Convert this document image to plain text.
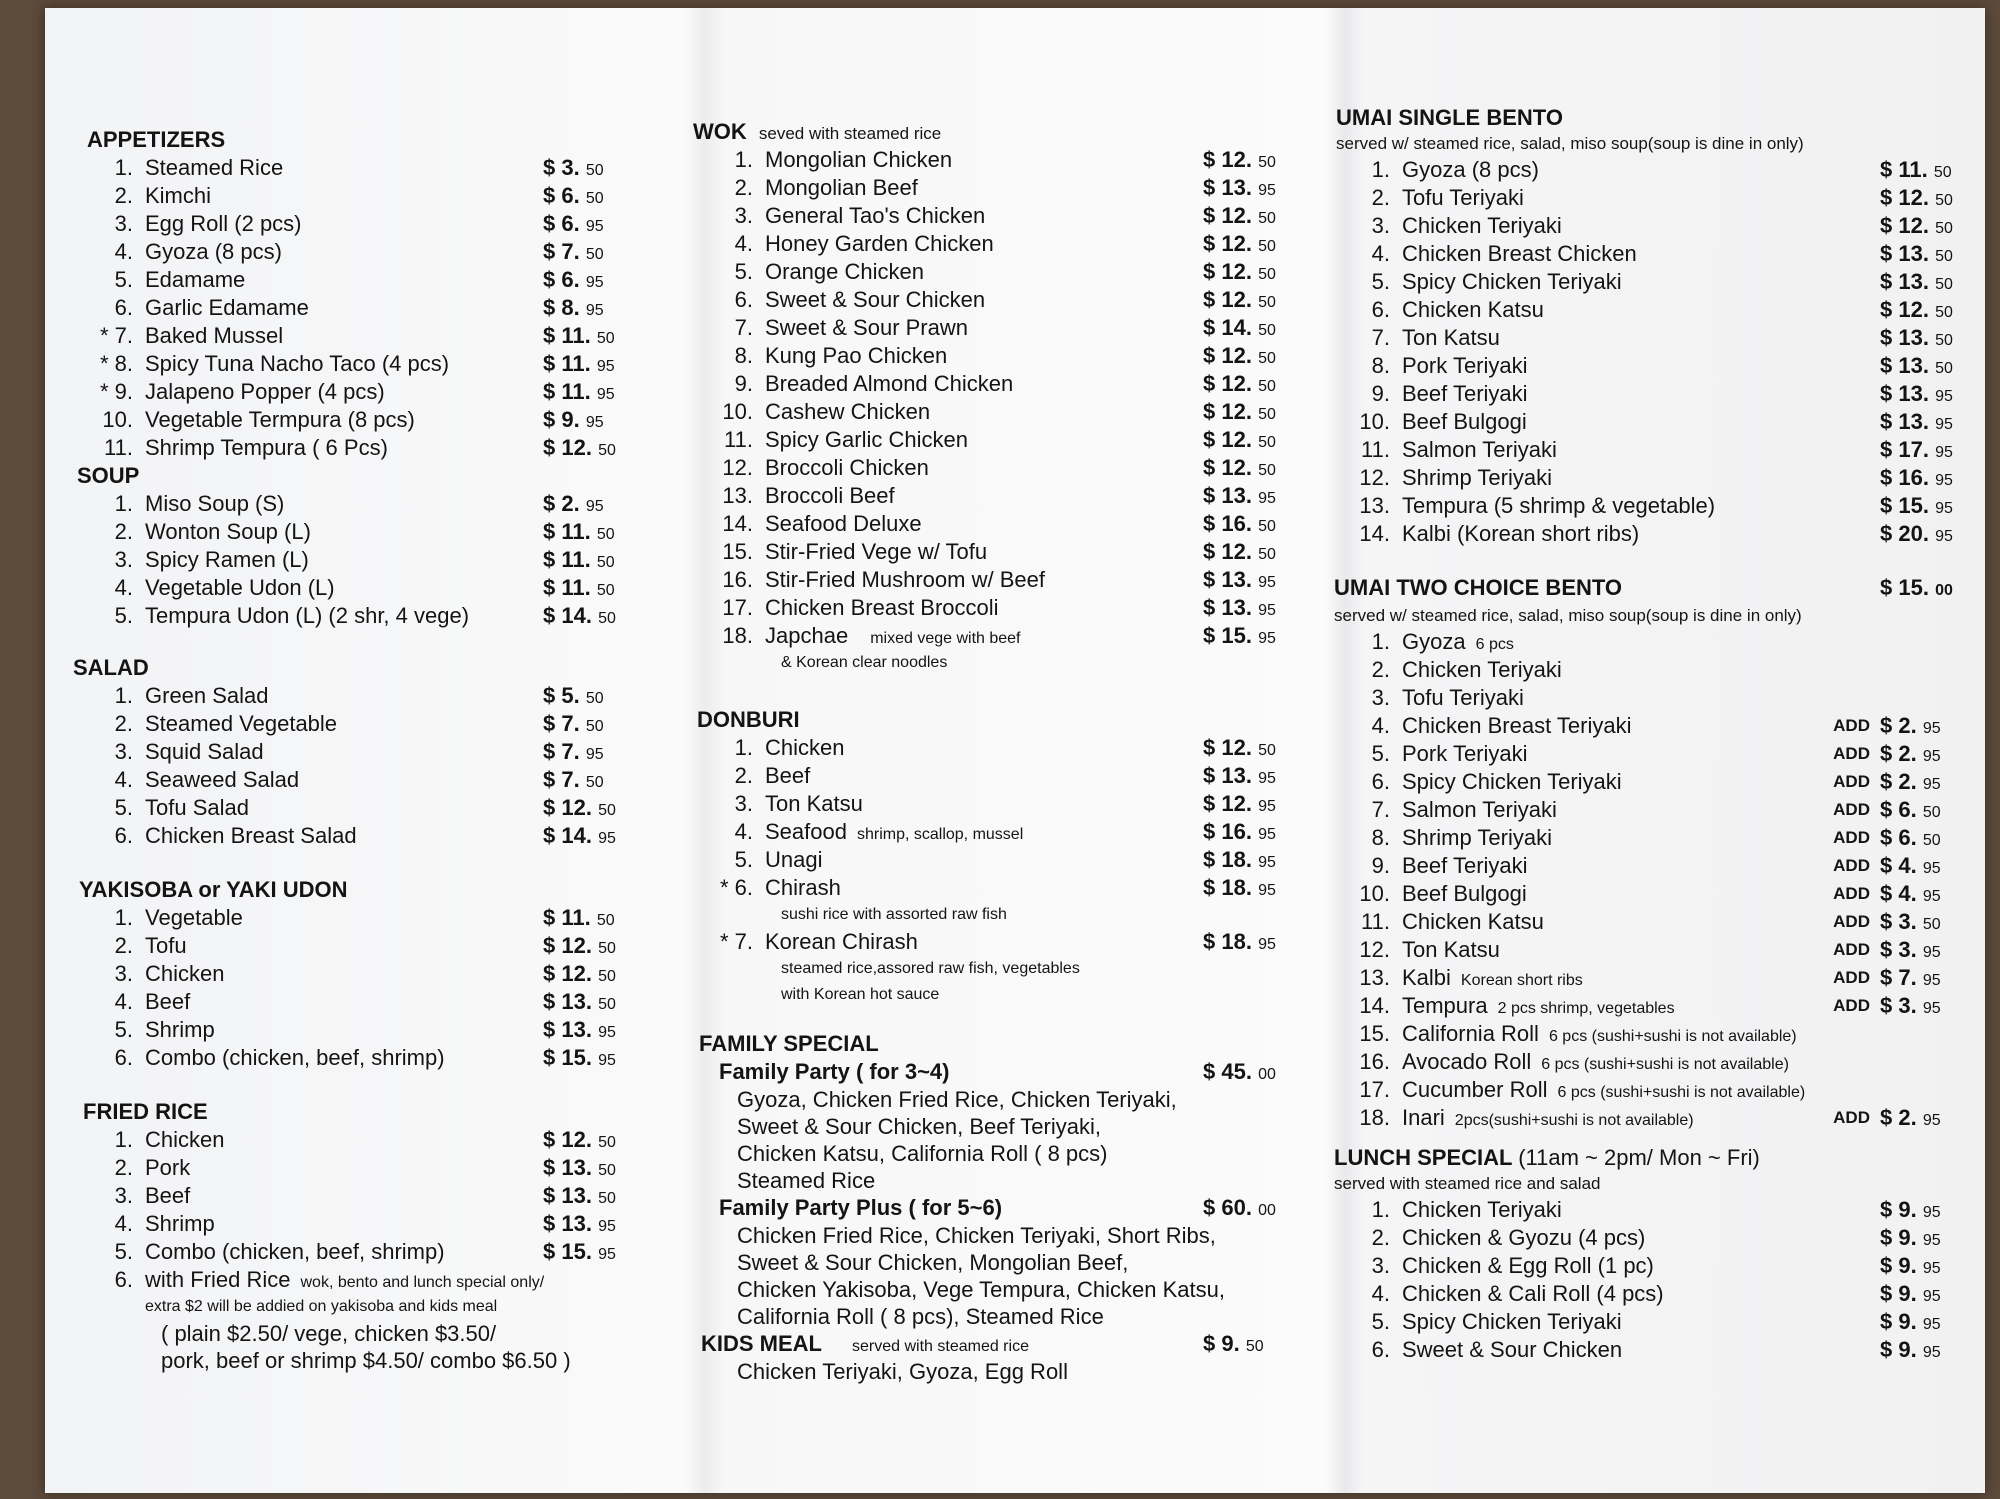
APPETIZERS
1. Steamed Rice	$ 3. 50
2. Kimchi	$ 6. 50
3. Egg Roll (2 pcs)	$ 6. 95
4. Gyoza (8 pcs)	$ 7. 50
5. Edamame	$ 6. 95
6. Garlic Edamame	$ 8. 95
* 7. Baked Mussel	$ 11. 50
* 8. Spicy Tuna Nacho Taco (4 pcs)	$ 11. 95
* 9. Jalapeno Popper (4 pcs)	$ 11. 95
10. Vegetable Termpura (8 pcs)	$ 9. 95
11. Shrimp Tempura ( 6 Pcs)	$ 12. 50
SOUP
1. Miso Soup (S)	$ 2. 95
2. Wonton Soup (L)	$ 11. 50
3. Spicy Ramen (L)	$ 11. 50
4. Vegetable Udon (L)	$ 11. 50
5. Tempura Udon (L) (2 shr, 4 vege)	$ 14. 50
SALAD
1. Green Salad	$ 5. 50
2. Steamed Vegetable	$ 7. 50
3. Squid Salad	$ 7. 95
4. Seaweed Salad	$ 7. 50
5. Tofu Salad	$ 12. 50
6. Chicken Breast Salad	$ 14. 95
YAKISOBA or YAKI UDON
1. Vegetable	$ 11. 50
2. Tofu	$ 12. 50
3. Chicken	$ 12. 50
4. Beef	$ 13. 50
5. Shrimp	$ 13. 95
6. Combo (chicken, beef, shrimp)	$ 15. 95
FRIED RICE
1. Chicken	$ 12. 50
2. Pork	$ 13. 50
3. Beef	$ 13. 50
4. Shrimp	$ 13. 95
5. Combo (chicken, beef, shrimp)	$ 15. 95
6. with Fried Rice wok, bento and lunch special only/
extra $2 will be addied on yakisoba and kids meal
( plain $2.50/ vege, chicken $3.50/
pork, beef or shrimp $4.50/ combo $6.50 )
WOK seved with steamed rice
1. Mongolian Chicken	$ 12. 50
2. Mongolian Beef	$ 13. 95
3. General Tao's Chicken	$ 12. 50
4. Honey Garden Chicken	$ 12. 50
5. Orange Chicken	$ 12. 50
6. Sweet & Sour Chicken	$ 12. 50
7. Sweet & Sour Prawn	$ 14. 50
8. Kung Pao Chicken	$ 12. 50
9. Breaded Almond Chicken	$ 12. 50
10. Cashew Chicken	$ 12. 50
11. Spicy Garlic Chicken	$ 12. 50
12. Broccoli Chicken	$ 12. 50
13. Broccoli Beef	$ 13. 95
14. Seafood Deluxe	$ 16. 50
15. Stir-Fried Vege w/ Tofu	$ 12. 50
16. Stir-Fried Mushroom w/ Beef	$ 13. 95
17. Chicken Breast Broccoli	$ 13. 95
18. Japchae mixed vege with beef	$ 15. 95
& Korean clear noodles
DONBURI
1. Chicken	$ 12. 50
2. Beef	$ 13. 95
3. Ton Katsu	$ 12. 95
4. Seafood shrimp, scallop, mussel	$ 16. 95
5. Unagi	$ 18. 95
* 6. Chirash	$ 18. 95
sushi rice with assorted raw fish
* 7. Korean Chirash	$ 18. 95
steamed rice,assored raw fish, vegetables
with Korean hot sauce
FAMILY SPECIAL
Family Party ( for 3~4)	$ 45. 00
Gyoza, Chicken Fried Rice, Chicken Teriyaki,
Sweet & Sour Chicken, Beef Teriyaki,
Chicken Katsu, California Roll ( 8 pcs)
Steamed Rice
Family Party Plus ( for 5~6)	$ 60. 00
Chicken Fried Rice, Chicken Teriyaki, Short Ribs,
Sweet & Sour Chicken, Mongolian Beef,
Chicken Yakisoba, Vege Tempura, Chicken Katsu,
California Roll ( 8 pcs), Steamed Rice
KIDS MEAL served with steamed rice	$ 9. 50
Chicken Teriyaki, Gyoza, Egg Roll
UMAI SINGLE BENTO
served w/ steamed rice, salad, miso soup(soup is dine in only)
1. Gyoza (8 pcs)	$ 11. 50
2. Tofu Teriyaki	$ 12. 50
3. Chicken Teriyaki	$ 12. 50
4. Chicken Breast Chicken	$ 13. 50
5. Spicy Chicken Teriyaki	$ 13. 50
6. Chicken Katsu	$ 12. 50
7. Ton Katsu	$ 13. 50
8. Pork Teriyaki	$ 13. 50
9. Beef Teriyaki	$ 13. 95
10. Beef Bulgogi	$ 13. 95
11. Salmon Teriyaki	$ 17. 95
12. Shrimp Teriyaki	$ 16. 95
13. Tempura (5 shrimp & vegetable)	$ 15. 95
14. Kalbi (Korean short ribs)	$ 20. 95
UMAI TWO CHOICE BENTO	$ 15. 00
served w/ steamed rice, salad, miso soup(soup is dine in only)
1. Gyoza 6 pcs
2. Chicken Teriyaki
3. Tofu Teriyaki
4. Chicken Breast Teriyaki	ADD $ 2. 95
5. Pork Teriyaki	ADD $ 2. 95
6. Spicy Chicken Teriyaki	ADD $ 2. 95
7. Salmon Teriyaki	ADD $ 6. 50
8. Shrimp Teriyaki	ADD $ 6. 50
9. Beef Teriyaki	ADD $ 4. 95
10. Beef Bulgogi	ADD $ 4. 95
11. Chicken Katsu	ADD $ 3. 50
12. Ton Katsu	ADD $ 3. 95
13. Kalbi Korean short ribs	ADD $ 7. 95
14. Tempura 2 pcs shrimp, vegetables	ADD $ 3. 95
15. California Roll 6 pcs (sushi+sushi is not available)
16. Avocado Roll 6 pcs (sushi+sushi is not available)
17. Cucumber Roll 6 pcs (sushi+sushi is not available)
18. Inari 2pcs(sushi+sushi is not available)	ADD $ 2. 95
LUNCH SPECIAL (11am ~ 2pm/ Mon ~ Fri)
served with steamed rice and salad
1. Chicken Teriyaki	$ 9. 95
2. Chicken & Gyozu (4 pcs)	$ 9. 95
3. Chicken & Egg Roll (1 pc)	$ 9. 95
4. Chicken & Cali Roll (4 pcs)	$ 9. 95
5. Spicy Chicken Teriyaki	$ 9. 95
6. Sweet & Sour Chicken	$ 9. 95
